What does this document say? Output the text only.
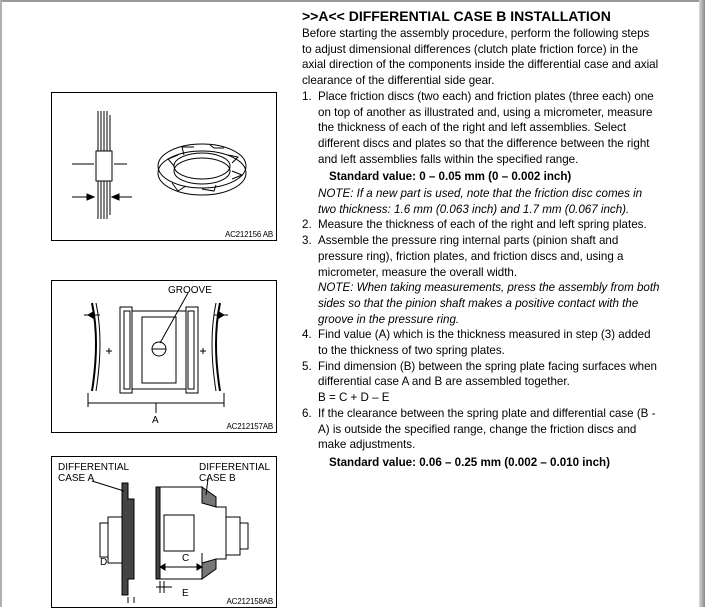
AC212156 AB
GROOVE
A
AC212157AB
DIFFERENTIAL
CASE A
DIFFERENTIAL
CASE B
C
D
E
AC212158AB
>>A<< DIFFERENTIAL CASE B INSTALLATION

Before starting the assembly procedure, perform the following steps to adjust dimensional differences (clutch plate friction force) in the axial direction of the components inside the differential case and axial clearance of the differential side gear.

1. Place friction discs (two each) and friction plates (three each) one on top of another as illustrated and, using a micrometer, measure the thickness of each of the right and left assemblies. Select different discs and plates so that the difference between the right and left assemblies falls within the specified range.
Standard value: 0 – 0.05 mm (0 – 0.002 inch)
NOTE: If a new part is used, note that the friction disc comes in two thickness: 1.6 mm (0.063 inch) and 1.7 mm (0.067 inch).
2. Measure the thickness of each of the right and left spring plates.
3. Assemble the pressure ring internal parts (pinion shaft and pressure ring), friction plates, and friction discs and, using a micrometer, measure the overall width.
NOTE: When taking measurements, press the assembly from both sides so that the pinion shaft makes a positive contact with the groove in the pressure ring.
4. Find value (A) which is the thickness measured in step (3) added to the thickness of two spring plates.
5. Find dimension (B) between the spring plate facing surfaces when differential case A and B are assembled together.
B = C + D – E
6. If the clearance between the spring plate and differential case (B - A) is outside the specified range, change the friction discs and make adjustments.
Standard value: 0.06 – 0.25 mm (0.002 – 0.010 inch)
